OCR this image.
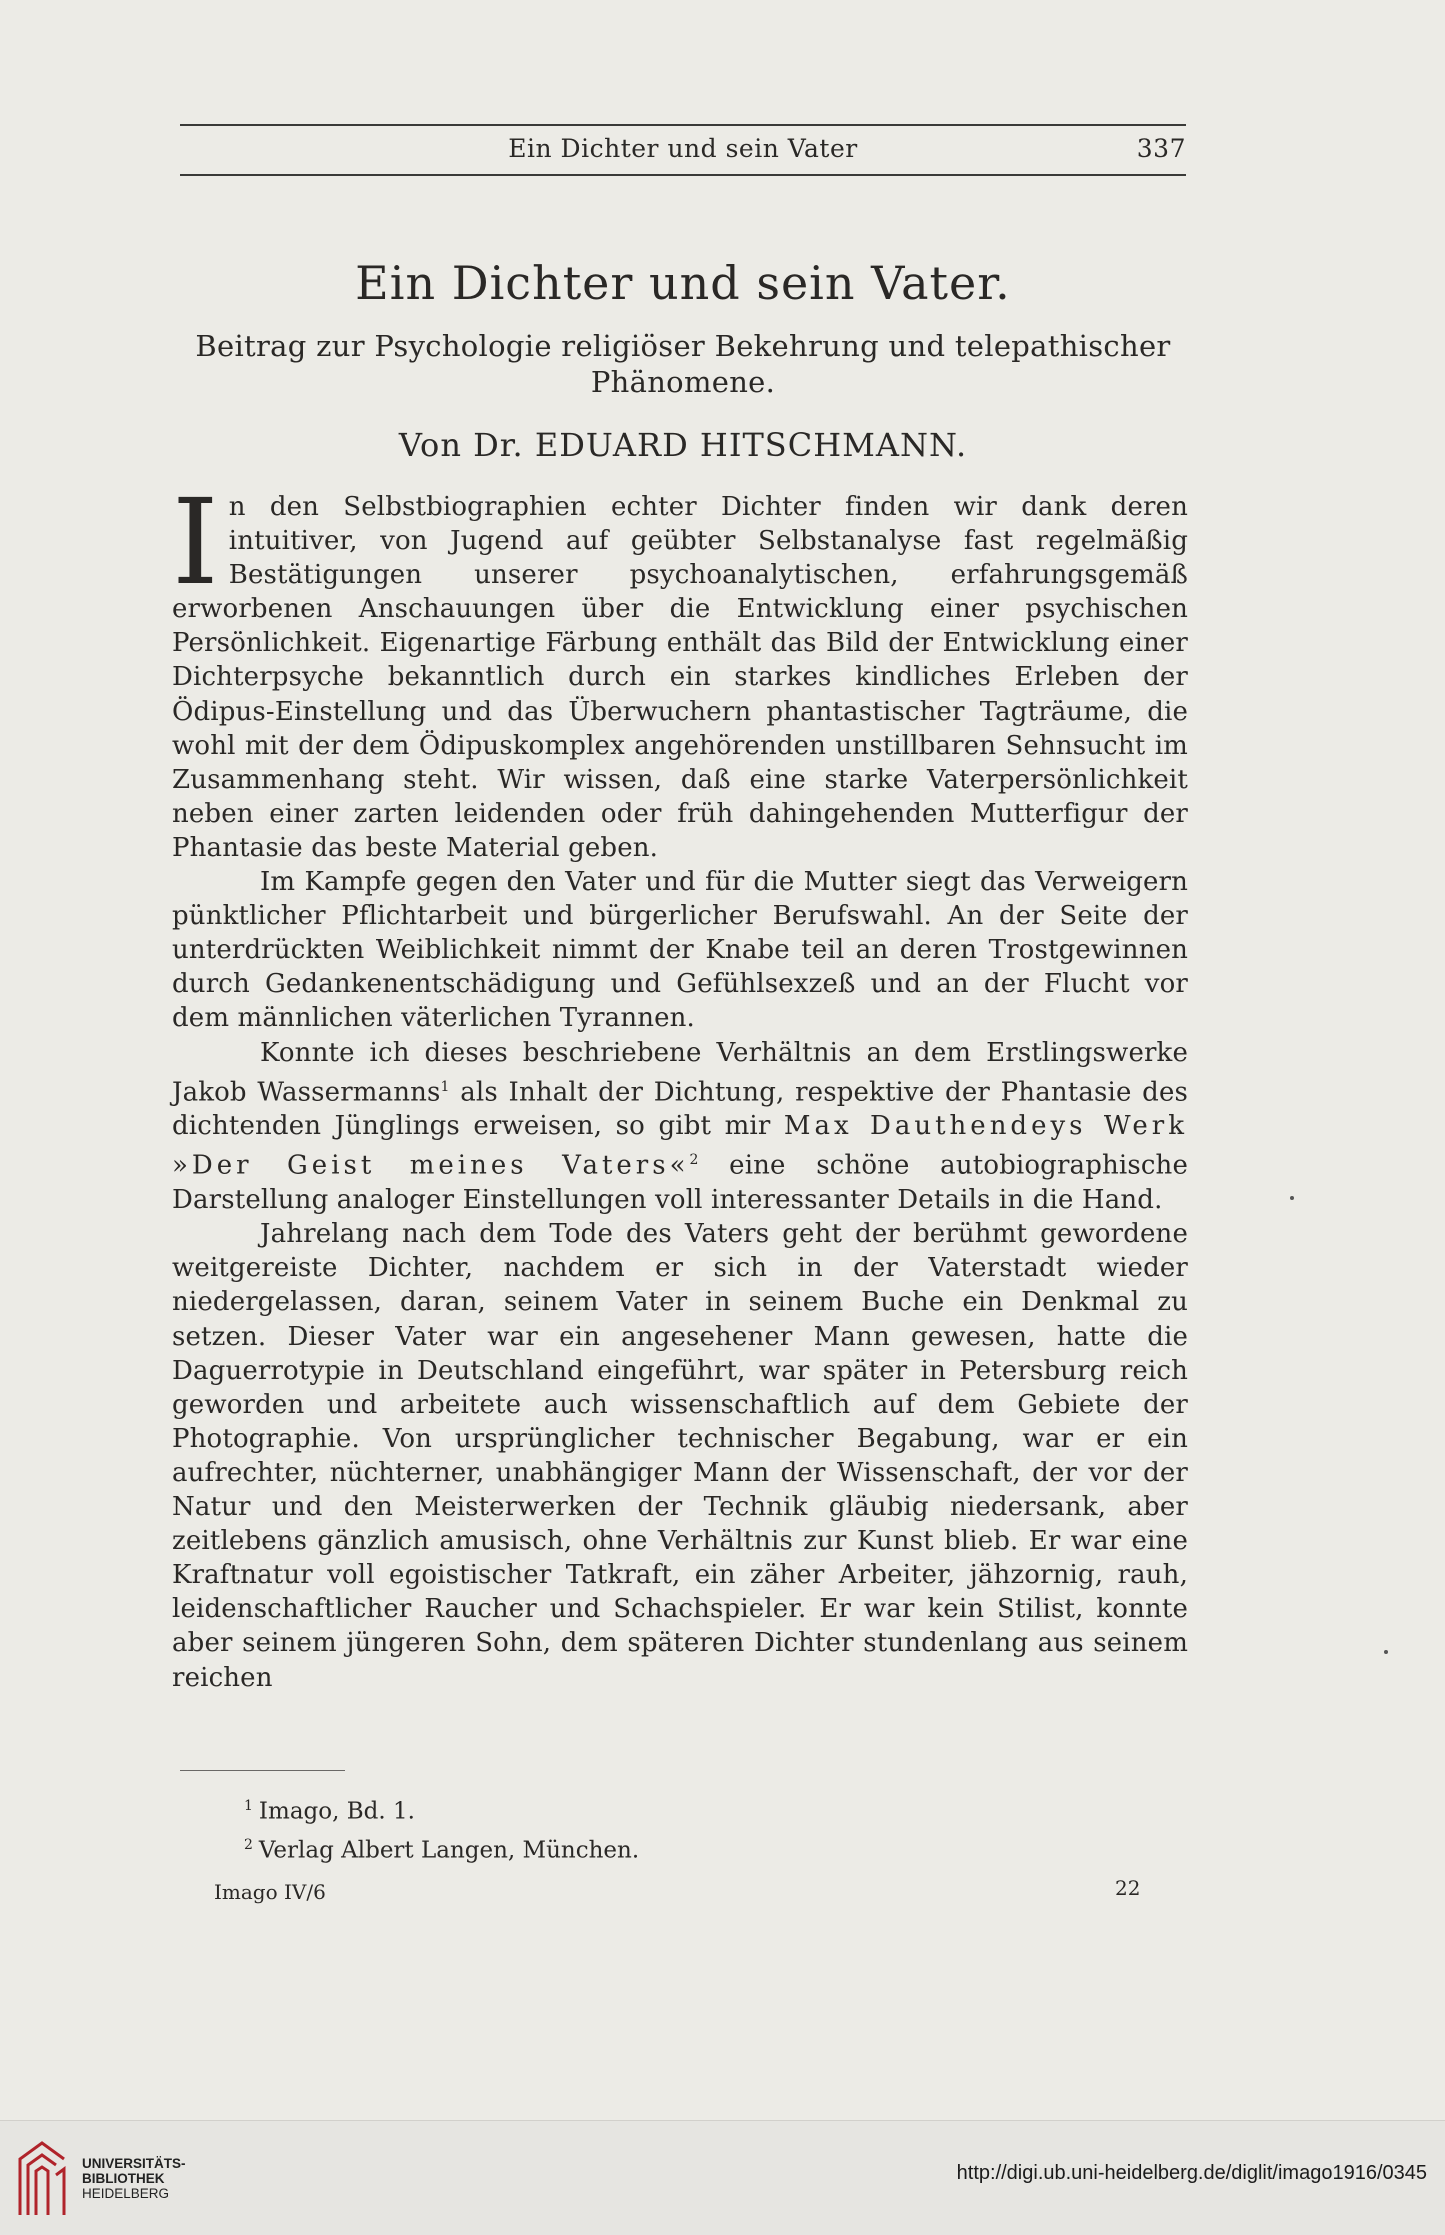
Ein Dichter und sein Vater	337
Ein Dichter und sein Vater.
Beitrag zur Psychologie religiöser Bekehrung und telepathischer
Phänomene.
Von Dr. EDUARD HITSCHMANN.

In den Selbstbiographien echter Dichter finden wir dank deren intuitiver, von Jugend auf geübter Selbstanalyse fast regelmäßig Bestätigungen unserer psychoanalytischen, erfahrungsgemäß erworbenen Anschauungen über die Entwicklung einer psychischen Persönlichkeit. Eigenartige Färbung enthält das Bild der Entwicklung einer Dichterpsyche bekanntlich durch ein starkes kindliches Erleben der Ödipus-Einstellung und das Überwuchern phantastischer Tagträume, die wohl mit der dem Ödipuskomplex angehörenden unstillbaren Sehnsucht im Zusammenhang steht. Wir wissen, daß eine starke Vaterpersönlichkeit neben einer zarten leidenden oder früh dahingehenden Mutterfigur der Phantasie das beste Material geben.

Im Kampfe gegen den Vater und für die Mutter siegt das Verweigern pünktlicher Pflichtarbeit und bürgerlicher Berufswahl. An der Seite der unterdrückten Weiblichkeit nimmt der Knabe teil an deren Trostgewinnen durch Gedankenentschädigung und Gefühlsexzeß und an der Flucht vor dem männlichen väterlichen Tyrannen.

Konnte ich dieses beschriebene Verhältnis an dem Erstlingswerke Jakob Wassermanns$^1$ als Inhalt der Dichtung, respektive der Phantasie des dichtenden Jünglings erweisen, so gibt mir Max Dauthendeys Werk »Der Geist meines Vaters«$^2$ eine schöne autobiographische Darstellung analoger Einstellungen voll interessanter Details in die Hand.

Jahrelang nach dem Tode des Vaters geht der berühmt gewordene weitgereiste Dichter, nachdem er sich in der Vaterstadt wieder niedergelassen, daran, seinem Vater in seinem Buche ein Denkmal zu setzen. Dieser Vater war ein angesehener Mann gewesen, hatte die Daguerrotypie in Deutschland eingeführt, war später in Petersburg reich geworden und arbeitete auch wissenschaftlich auf dem Gebiete der Photographie. Von ursprünglicher technischer Begabung, war er ein aufrechter, nüchterner, unabhängiger Mann der Wissenschaft, der vor der Natur und den Meisterwerken der Technik gläubig niedersank, aber zeitlebens gänzlich amusisch, ohne Verhältnis zur Kunst blieb. Er war eine Kraftnatur voll egoistischer Tatkraft, ein zäher Arbeiter, jähzornig, rauh, leidenschaftlicher Raucher und Schachspieler. Er war kein Stilist, konnte aber seinem jüngeren Sohn, dem späteren Dichter stundenlang aus seinem reichen

$^1$ Imago, Bd. 1.
$^2$ Verlag Albert Langen, München.
Imago IV/6	22
UNIVERSITÄTS-
BIBLIOTHEK
HEIDELBERG
http://digi.ub.uni-heidelberg.de/diglit/imago1916/0345
